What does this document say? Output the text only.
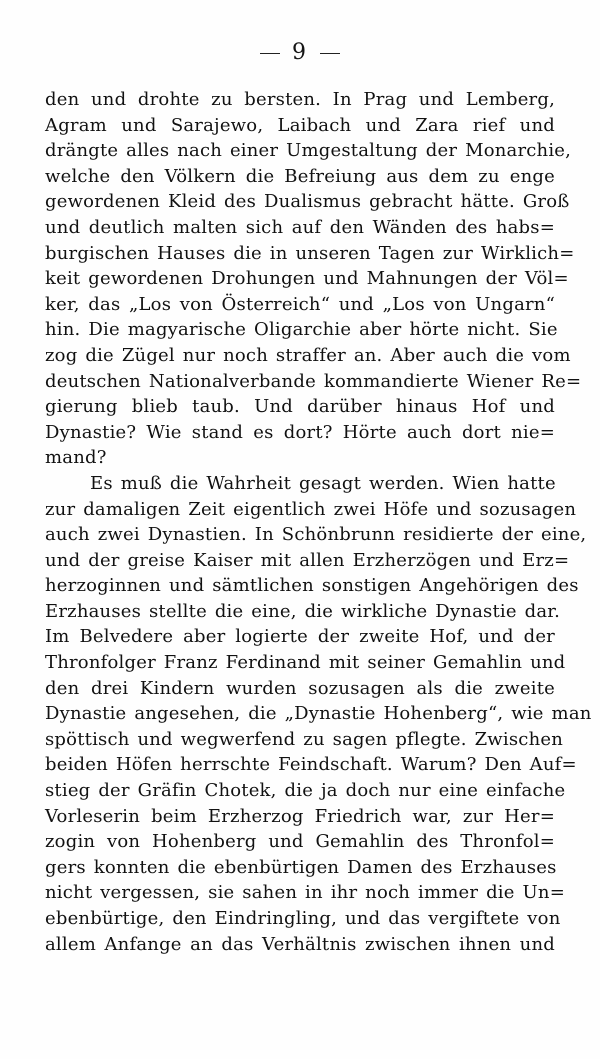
9
den und drohte zu bersten. In Prag und Lemberg,
Agram und Sarajewo, Laibach und Zara rief und
drängte alles nach einer Umgestaltung der Monarchie,
welche den Völkern die Befreiung aus dem zu enge
gewordenen Kleid des Dualismus gebracht hätte. Groß
und deutlich malten sich auf den Wänden des habs=
burgischen Hauses die in unseren Tagen zur Wirklich=
keit gewordenen Drohungen und Mahnungen der Völ=
ker, das „Los von Österreich“ und „Los von Ungarn“
hin. Die magyarische Oligarchie aber hörte nicht. Sie
zog die Zügel nur noch straffer an. Aber auch die vom
deutschen Nationalverbande kommandierte Wiener Re=
gierung blieb taub. Und darüber hinaus Hof und
Dynastie? Wie stand es dort? Hörte auch dort nie=
mand?
Es muß die Wahrheit gesagt werden. Wien hatte
zur damaligen Zeit eigentlich zwei Höfe und sozusagen
auch zwei Dynastien. In Schönbrunn residierte der eine,
und der greise Kaiser mit allen Erzherzögen und Erz=
herzoginnen und sämtlichen sonstigen Angehörigen des
Erzhauses stellte die eine, die wirkliche Dynastie dar.
Im Belvedere aber logierte der zweite Hof, und der
Thronfolger Franz Ferdinand mit seiner Gemahlin und
den drei Kindern wurden sozusagen als die zweite
Dynastie angesehen, die „Dynastie Hohenberg“, wie man
spöttisch und wegwerfend zu sagen pflegte. Zwischen
beiden Höfen herrschte Feindschaft. Warum? Den Auf=
stieg der Gräfin Chotek, die ja doch nur eine einfache
Vorleserin beim Erzherzog Friedrich war, zur Her=
zogin von Hohenberg und Gemahlin des Thronfol=
gers konnten die ebenbürtigen Damen des Erzhauses
nicht vergessen, sie sahen in ihr noch immer die Un=
ebenbürtige, den Eindringling, und das vergiftete von
allem Anfange an das Verhältnis zwischen ihnen und
